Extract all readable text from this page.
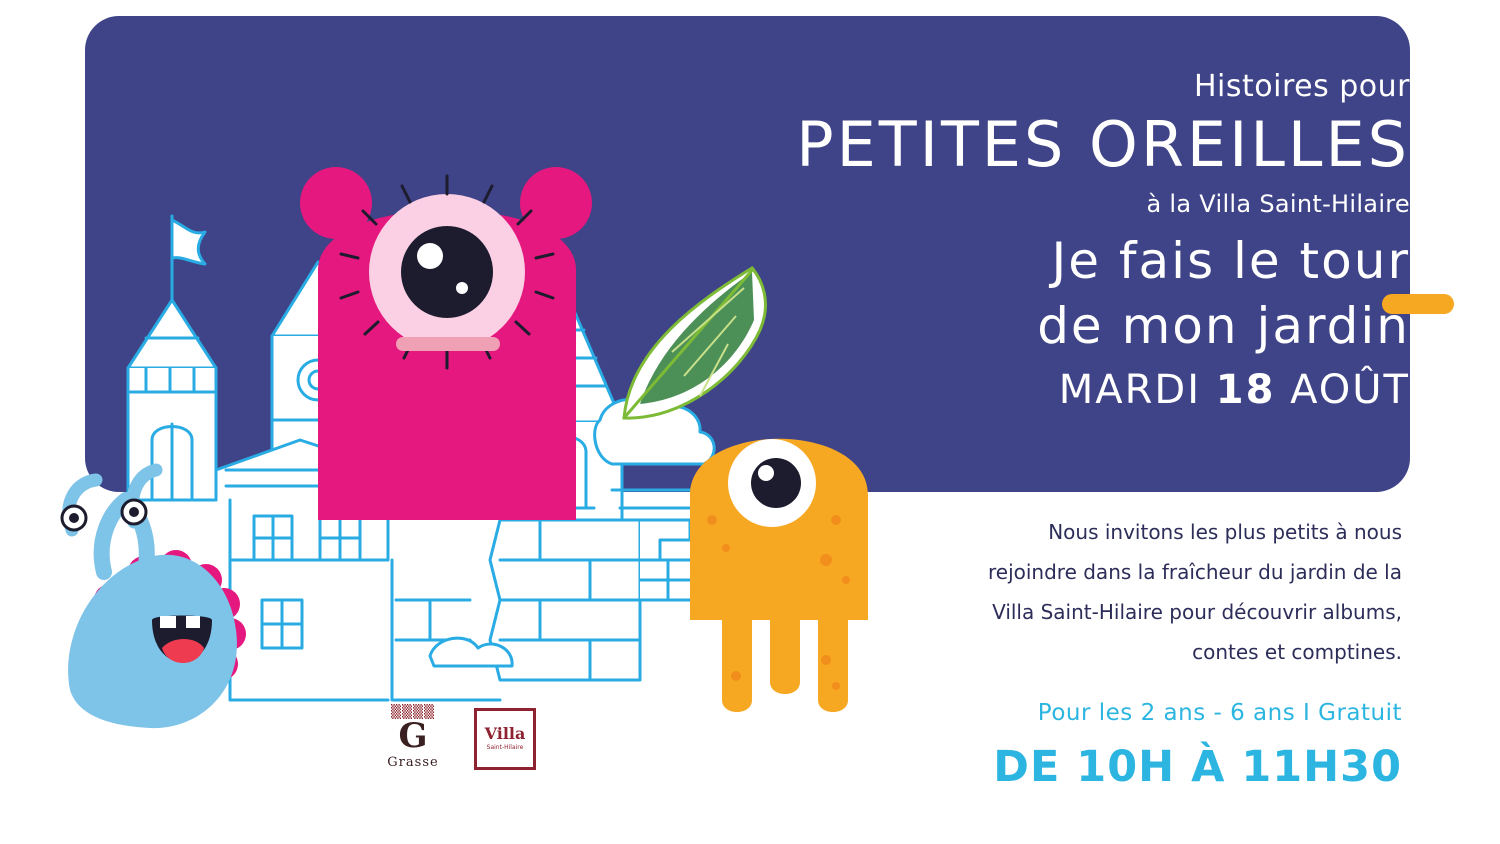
Histoires pour
PETITES OREILLES
à la Villa Saint-Hilaire
Je fais le tour
de mon jardin
MARDI 18 AOÛT
Nous invitons les plus petits à nous
rejoindre dans la fraîcheur du jardin de la
Villa Saint-Hilaire pour découvrir albums,
contes et comptines.
Pour les 2 ans - 6 ans I Gratuit
DE 10H À 11H30
▒▒▒▒
G
Grasse
Villa
Saint-Hilaire
